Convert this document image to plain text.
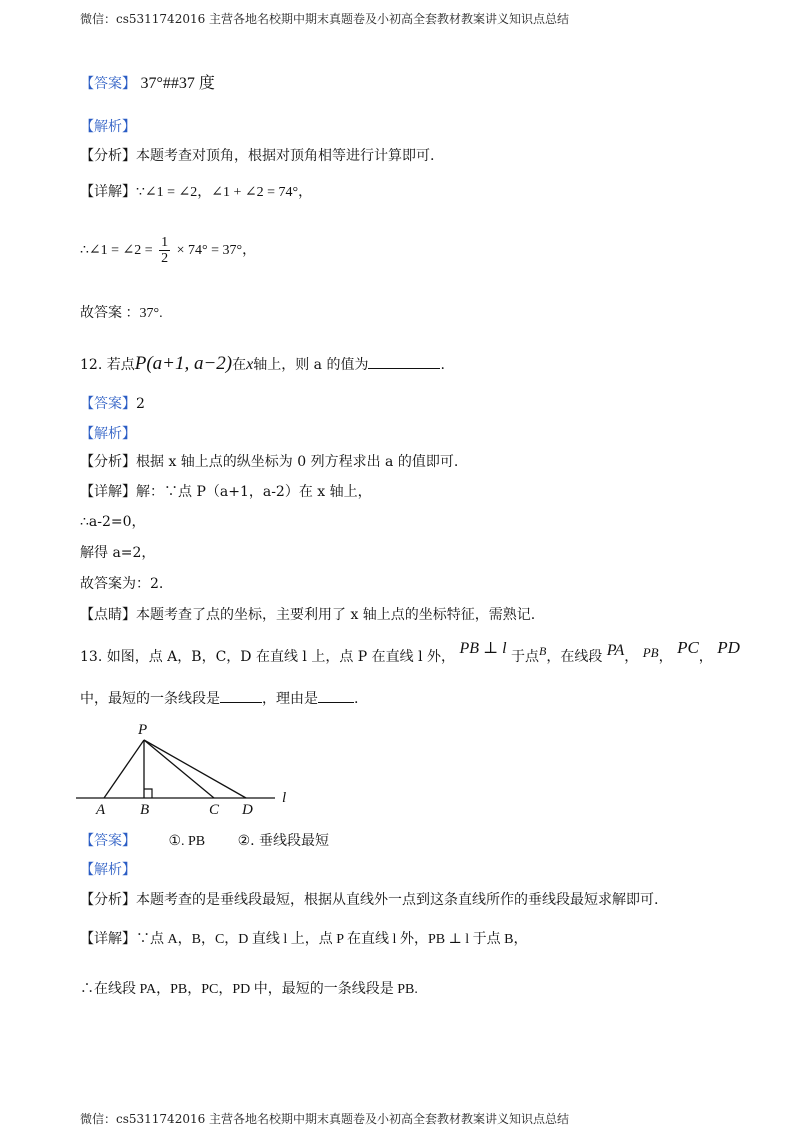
微信：cs5311742016 主营各地名校期中期末真题卷及小初高全套教材教案讲义知识点总结
【答案】 37°##37 度
【解析】
【分析】本题考查对顶角，根据对顶角相等进行计算即可.
【详解】∵∠1 = ∠2，∠1 + ∠2 = 74°，
∴∠1 = ∠2 = $\frac{1}{2} \times 74^\circ = 37^\circ$，
故答案 ：37°.
12. 若点P(a+1, a−2)在x轴上，则 a 的值为	.
【答案】2
【解析】
【分析】根据 x 轴上点的纵坐标为 0 列方程求出 a 的值即可.
【详解】解：∵点 P（a+1，a-2）在 x 轴上，
∴a-2=0，
解得 a=2，
故答案为：2.
【点睛】本题考查了点的坐标，主要利用了 x 轴上点的坐标特征，需熟记.
13. 如图，点 A，B，C，D 在直线 l 上，点 P 在直线 l 外， PB ⊥ l 于点B，在线段 PA， PB， PC， PD
中，最短的一条线段是	，理由是	.
P
A B	C D
l
【答案】 ①. PB ②. 垂线段最短
【解析】
【分析】本题考查的是垂线段最短，根据从直线外一点到这条直线所作的垂线段最短求解即可.
【详解】∵点 A，B，C，D 直线 l 上，点 P 在直线 l 外，PB ⊥ l 于点 B，
∴在线段 PA，PB，PC，PD 中，最短的一条线段是 PB.
微信：cs5311742016 主营各地名校期中期末真题卷及小初高全套教材教案讲义知识点总结
